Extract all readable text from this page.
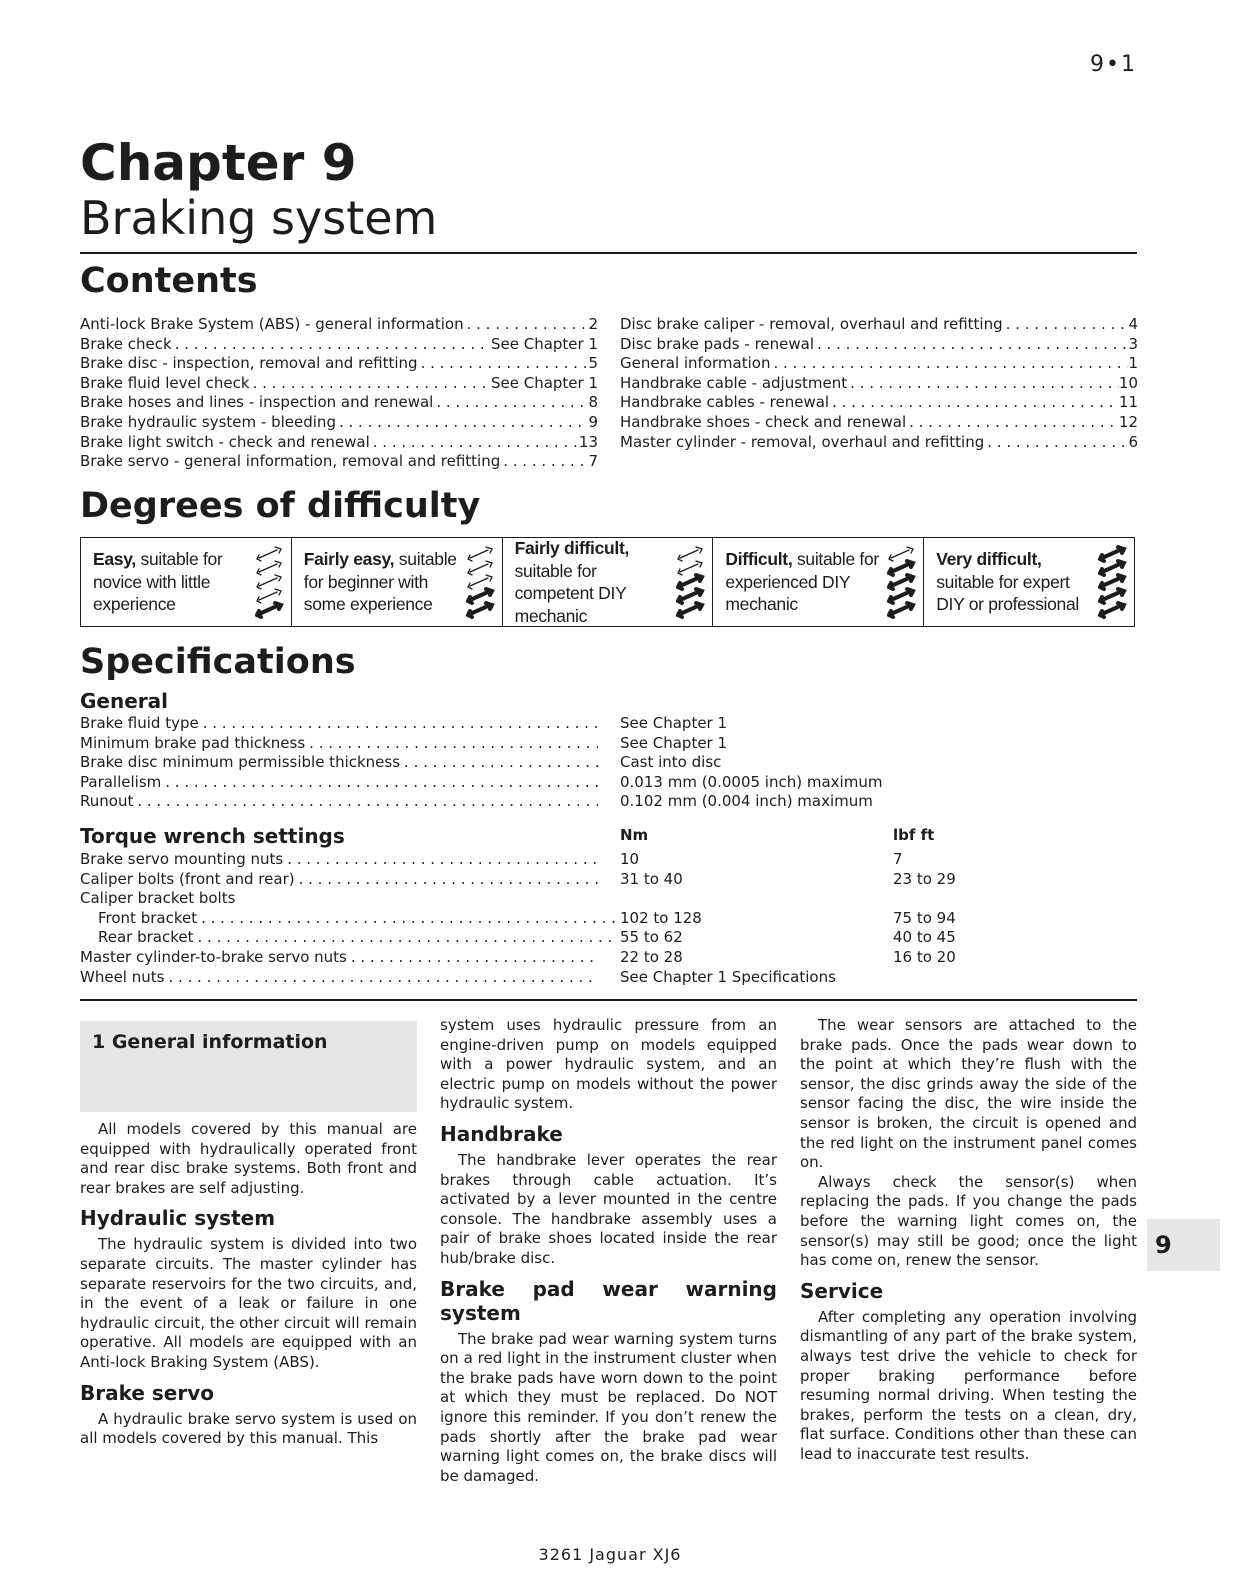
9•1
Chapter 9
Braking system
Contents
Anti-lock Brake System (ABS) - general information . . .	2
Brake check . . .	See Chapter 1
Brake disc - inspection, removal and refitting . . .	5
Brake fluid level check . . .	See Chapter 1
Brake hoses and lines - inspection and renewal . . .	8
Brake hydraulic system - bleeding . . .	9
Brake light switch - check and renewal . . .	13
Brake servo - general information, removal and refitting . . .	7
Disc brake caliper - removal, overhaul and refitting . . .	4
Disc brake pads - renewal . . .	3
General information . . .	1
Handbrake cable - adjustment . . .	10
Handbrake cables - renewal . . .	11
Handbrake shoes - check and renewal . . .	12
Master cylinder - removal, overhaul and refitting . . .	6
Degrees of difficulty
Easy, suitable for novice with little experience
Fairly easy, suitable for beginner with some experience
Fairly difficult, suitable for competent DIY mechanic
Difficult, suitable for experienced DIY mechanic
Very difficult, suitable for expert DIY or professional
Specifications
General
Brake fluid type . . .	See Chapter 1
Minimum brake pad thickness . . .	See Chapter 1
Brake disc minimum permissible thickness . . .	Cast into disc
Parallelism . . .	0.013 mm (0.0005 inch) maximum
Runout . . .	0.102 mm (0.004 inch) maximum
Torque wrench settings	Nm	lbf ft
Brake servo mounting nuts . . .	10	7
Caliper bolts (front and rear) . . .	31 to 40	23 to 29
Caliper bracket bolts
Front bracket . . .	102 to 128	75 to 94
Rear bracket . . .	55 to 62	40 to 45
Master cylinder-to-brake servo nuts . . .	22 to 28	16 to 20
Wheel nuts . . .	See Chapter 1 Specifications
1 General information

All models covered by this manual are equipped with hydraulically operated front and rear disc brake systems. Both front and rear brakes are self adjusting.

Hydraulic system

The hydraulic system is divided into two separate circuits. The master cylinder has separate reservoirs for the two circuits, and, in the event of a leak or failure in one hydraulic circuit, the other circuit will remain operative. All models are equipped with an Anti-lock Braking System (ABS).

Brake servo

A hydraulic brake servo system is used on all models covered by this manual. This

system uses hydraulic pressure from an engine-driven pump on models equipped with a power hydraulic system, and an electric pump on models without the power hydraulic system.

Handbrake

The handbrake lever operates the rear brakes through cable actuation. It’s activated by a lever mounted in the centre console. The handbrake assembly uses a pair of brake shoes located inside the rear hub/brake disc.

Brake pad wear warning system

The brake pad wear warning system turns on a red light in the instrument cluster when the brake pads have worn down to the point at which they must be replaced. Do NOT ignore this reminder. If you don’t renew the pads shortly after the brake pad wear warning light comes on, the brake discs will be damaged.

The wear sensors are attached to the brake pads. Once the pads wear down to the point at which they’re flush with the sensor, the disc grinds away the side of the sensor facing the disc, the wire inside the sensor is broken, the circuit is opened and the red light on the instrument panel comes on.

Always check the sensor(s) when replacing the pads. If you change the pads before the warning light comes on, the sensor(s) may still be good; once the light has come on, renew the sensor.

Service

After completing any operation involving dismantling of any part of the brake system, always test drive the vehicle to check for proper braking performance before resuming normal driving. When testing the brakes, perform the tests on a clean, dry, flat surface. Conditions other than these can lead to inaccurate test results.

9
3261 Jaguar XJ6
